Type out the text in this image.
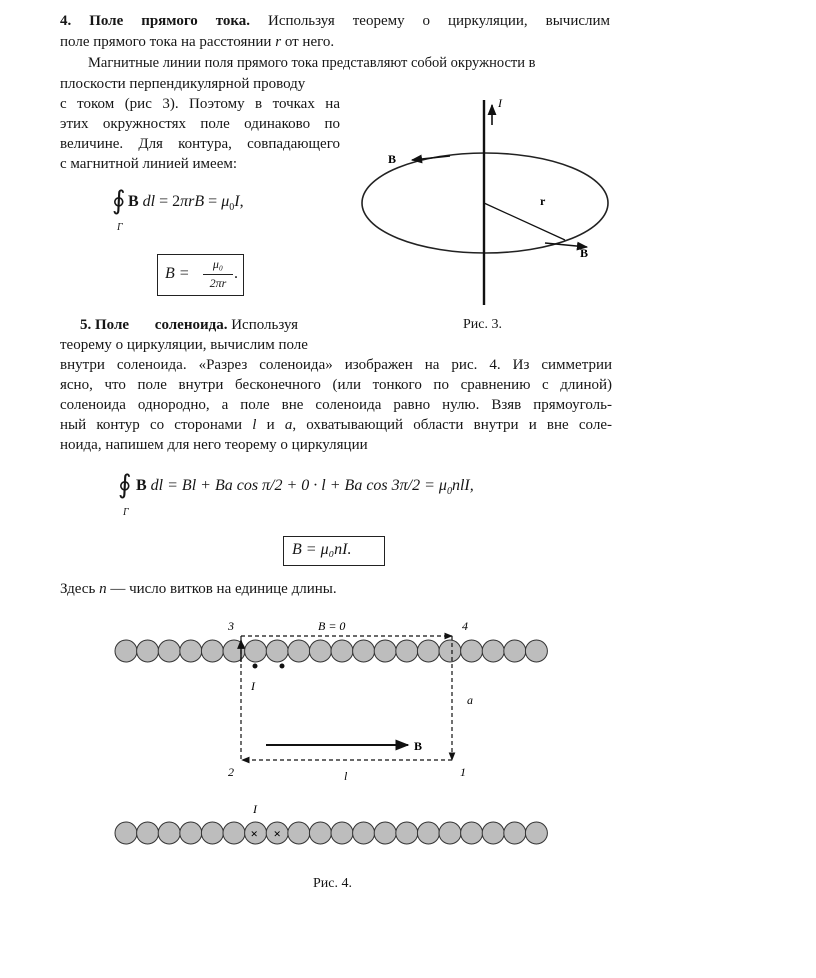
4. Поле прямого тока. Используя теорему о циркуляции, вычислим
поле прямого тока на расстоянии r от него.
Магнитные линии поля прямого тока представляют собой окружности в
плоскости перпендикулярной проводу
с током (рис 3). Поэтому в точках на
этих окружностях поле одинаково по
величине. Для контура, совпадающего
с магнитной линией имеем:
∮
Γ
B dl = $2\pi rB = \mu_0I$,
B =
μ₀
2πr
.
I
B
r
B
Рис. 3.
5. Поле соленоида. Используя
теорему о циркуляции, вычислим поле
внутри соленоида. «Разрез соленоида» изображен на рис. 4. Из симметрии
ясно, что поле внутри бесконечного (или тонкого по сравнению с длиной)
соленоида однородно, а поле вне соленоида равно нулю. Взяв прямоуголь-
ный контур со сторонами l и a, охватывающий области внутри и вне соле-
ноида, напишем для него теорему о циркуляции
∮
Γ
B dl = Bl + Ba cos π/2 + 0 · l + Ba $\cos 3\pi/2 = \mu_0nlI$,
B = μ₀nI.
Здесь n — число витков на единице длины.
× ×
3	B = 0	4
I
a
B
2	l	1
I
Рис. 4.
